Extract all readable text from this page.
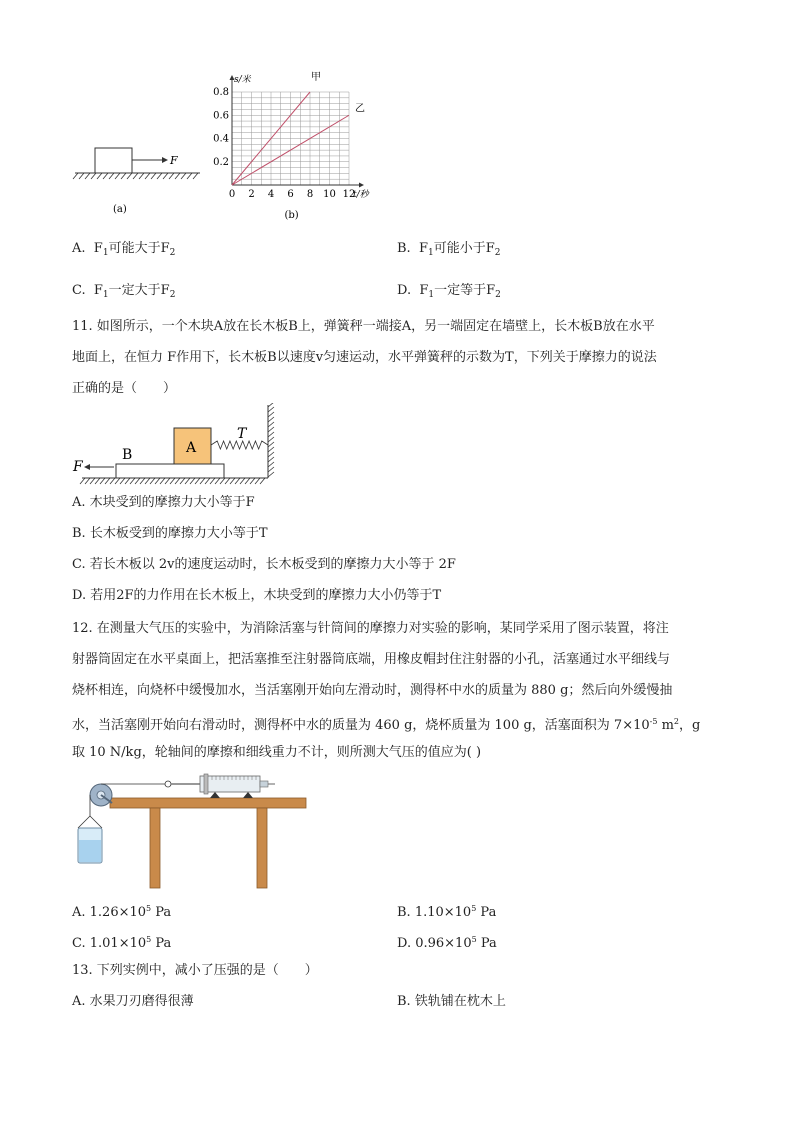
F
(a)
s/米
t/秒
0 2 4 6 8 10 12
0.2
0.4
0.6
0.8
甲
乙
(b)
A. $F_1$可能大于$F_2$	B. $F_1$可能小于$F_2$
C. $F_1$一定大于$F_2$	D. $F_1$一定等于$F_2$
11. 如图所示，一个木块A放在长木板B上，弹簧秤一端接A，另一端固定在墙壁上，长木板B放在水平
地面上，在恒力 F作用下，长木板B以速度v匀速运动，水平弹簧秤的示数为T，下列关于摩擦力的说法
正确的是（　　）
B	A
T
F
A. 木块受到的摩擦力大小等于F
B. 长木板受到的摩擦力大小等于T
C. 若长木板以 2v的速度运动时，长木板受到的摩擦力大小等于 2F
D. 若用2F的力作用在长木板上，木块受到的摩擦力大小仍等于T
12. 在测量大气压的实验中，为消除活塞与针筒间的摩擦力对实验的影响，某同学采用了图示装置，将注
射器筒固定在水平桌面上，把活塞推至注射器筒底端，用橡皮帽封住注射器的小孔，活塞通过水平细线与
烧杯相连，向烧杯中缓慢加水，当活塞刚开始向左滑动时，测得杯中水的质量为 880 g；然后向外缓慢抽
水，当活塞刚开始向右滑动时，测得杯中水的质量为 460 g，烧杯质量为 100 g，活塞面积为 $7\times 10^{-5}$ $m^2$，g
取 10 N/kg，轮轴间的摩擦和细线重力不计，则所测大气压的值应为( )
A. $1.26\times 10^5$ Pa	B. $1.10\times 10^5$ Pa
C. $1.01\times 10^5$ Pa	D. $0.96\times 10^5$ Pa
13. 下列实例中，减小了压强的是（　　）
A. 水果刀刃磨得很薄	B. 铁轨铺在枕木上
